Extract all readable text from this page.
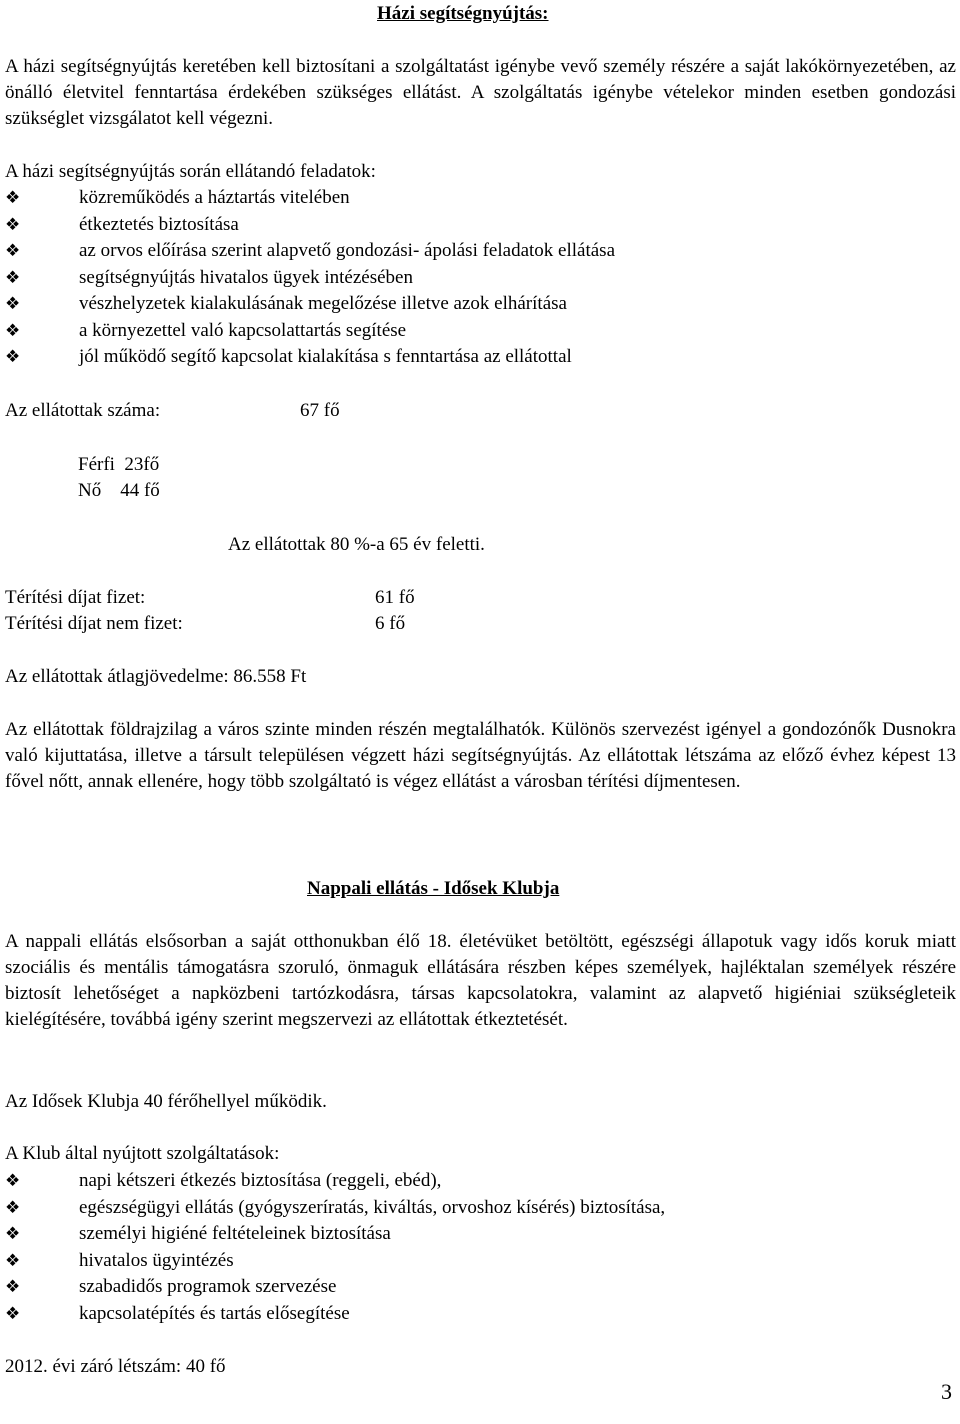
Házi segítségnyújtás:
A házi segítségnyújtás keretében kell biztosítani a szolgáltatást igénybe vevő személy részére a saját lakókörnyezetében, az önálló életvitel fenntartása érdekében szükséges ellátást. A szolgáltatás igénybe vételekor minden esetben gondozási szükséglet vizsgálatot kell végezni.
A házi segítségnyújtás során ellátandó feladatok:
❖	közreműködés a háztartás vitelében
❖	étkeztetés biztosítása
❖	az orvos előírása szerint alapvető gondozási- ápolási feladatok ellátása
❖	segítségnyújtás hivatalos ügyek intézésében
❖	vészhelyzetek kialakulásának megelőzése illetve azok elhárítása
❖	a környezettel való kapcsolattartás segítése
❖	jól működő segítő kapcsolat kialakítása s fenntartása az ellátottal
Az ellátottak száma:	67 fő
Férfi  23fő
Nő    44 fő
Az ellátottak 80 %-a 65 év feletti.
Térítési díjat fizet:	61 fő
Térítési díjat nem fizet:	6 fő
Az ellátottak átlagjövedelme: 86.558 Ft
Az ellátottak földrajzilag a város szinte minden részén megtalálhatók. Különös szervezést igényel a gondozónők Dusnokra való kijuttatása, illetve a társult településen végzett házi segítségnyújtás. Az ellátottak létszáma az előző évhez képest 13 fővel nőtt, annak ellenére, hogy több szolgáltató is végez ellátást a városban térítési díjmentesen.
Nappali ellátás - Idősek Klubja
A nappali ellátás elsősorban a saját otthonukban élő 18. életévüket betöltött, egészségi állapotuk vagy idős koruk miatt szociális és mentális támogatásra szoruló, önmaguk ellátására részben képes személyek, hajléktalan személyek részére biztosít lehetőséget a napközbeni tartózkodásra, társas kapcsolatokra, valamint az alapvető higiéniai szükségleteik kielégítésére, továbbá igény szerint megszervezi az ellátottak étkeztetését.
Az Idősek Klubja 40 férőhellyel működik.
A Klub által nyújtott szolgáltatások:
❖	napi kétszeri étkezés biztosítása (reggeli, ebéd),
❖	egészségügyi ellátás (gyógyszeríratás, kiváltás, orvoshoz kísérés) biztosítása,
❖	személyi higiéné feltételeinek biztosítása
❖	hivatalos ügyintézés
❖	szabadidős programok szervezése
❖	kapcsolatépítés és tartás elősegítése
2012. évi záró létszám: 40 fő
3
